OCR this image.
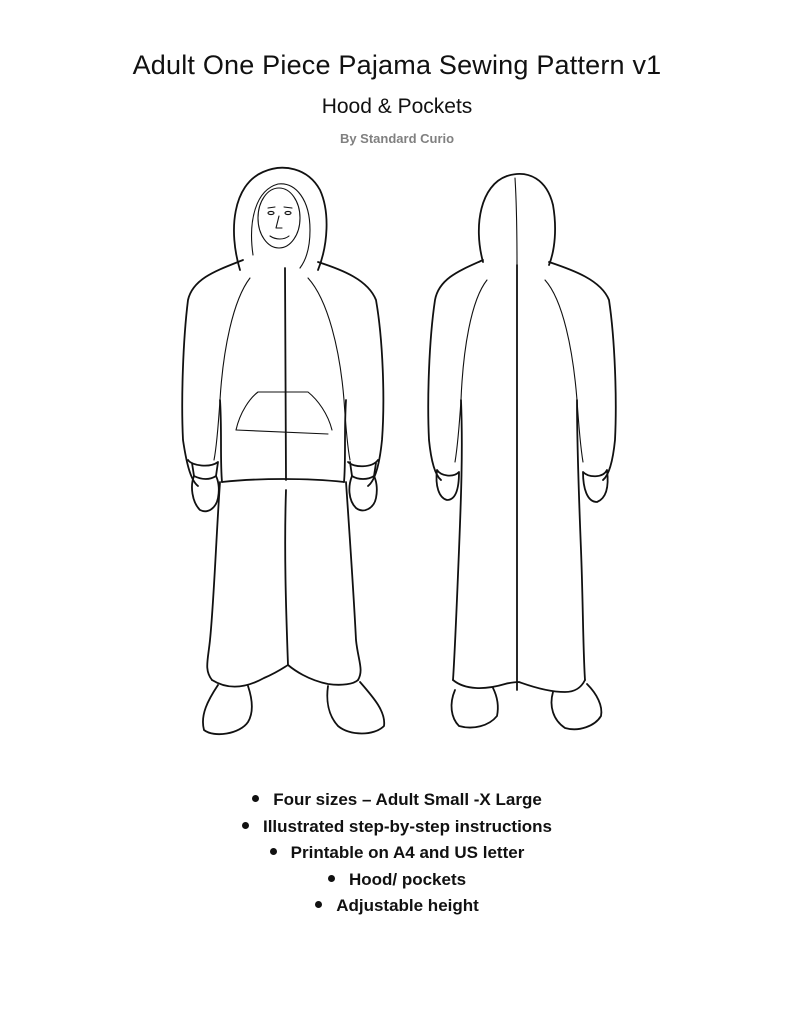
Adult One Piece Pajama Sewing Pattern v1
Hood & Pockets

By Standard Curio

Four sizes – Adult Small -X Large
Illustrated step-by-step instructions
Printable on A4 and US letter
Hood/ pockets
Adjustable height
